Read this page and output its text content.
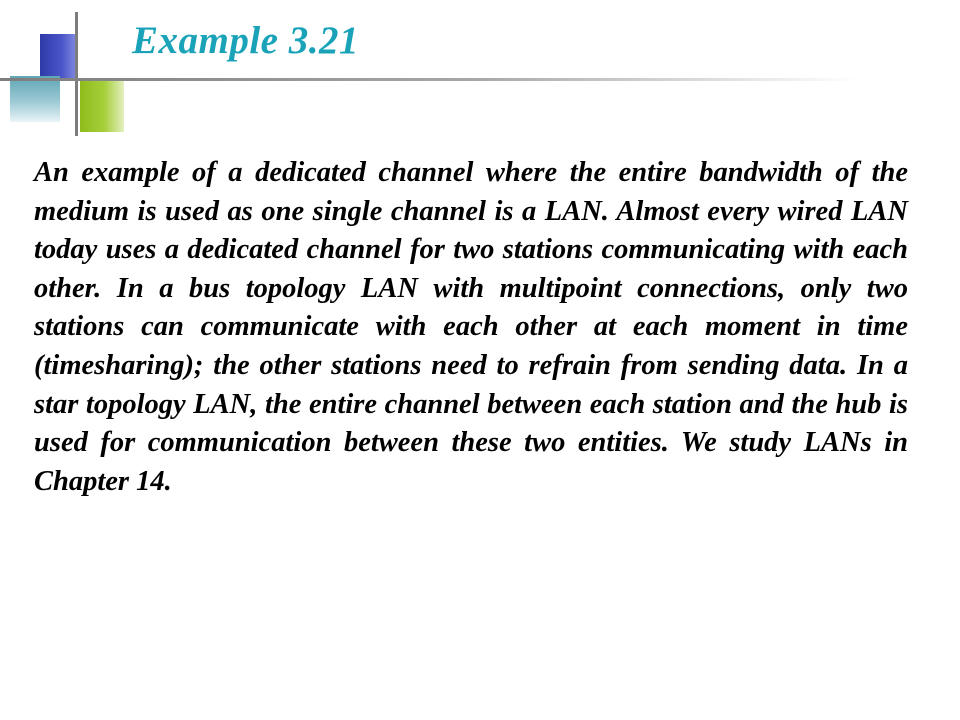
Example 3.21

An example of a dedicated channel where the entire bandwidth of the medium is used as one single channel is a LAN. Almost every wired LAN today uses a dedicated channel for two stations communicating with each other. In a bus topology LAN with multipoint connections, only two stations can communicate with each other at each moment in time (timesharing); the other stations need to refrain from sending data. In a star topology LAN, the entire channel between each station and the hub is used for communication between these two entities. We study LANs in Chapter 14.
